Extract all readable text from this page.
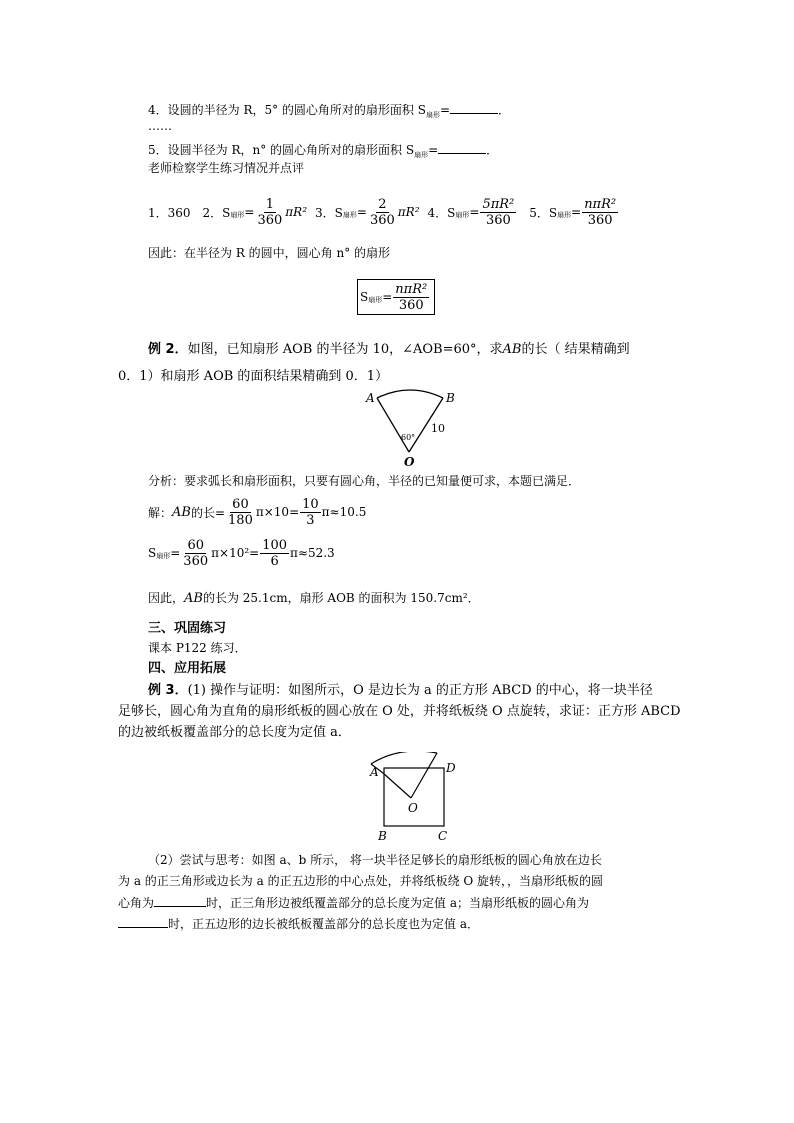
4．设圆的半径为 R，5° 的圆心角所对的扇形面积 $S_{扇形}=$	．
……
5．设圆半径为 R，n° 的圆心角所对的扇形面积 $S_{扇形}=$	．
老师检察学生练习情况并点评
1．360 2．S 扇形 = $\frac{1}{360} \pi R^2$ 3．S 扇形 = $\frac{2}{360} \pi R^2$ 4．S 扇形 = $\frac{\text{5πR²}}{360} 5$．S 扇形 = $\frac{\text{nπR²}}{360}$
因此：在半径为 R 的圆中，圆心角 n° 的扇形
S 扇形 = $\frac{\text{nπR²}}{360}$
例 2．如图，已知扇形 AOB 的半径为 10，∠AOB=60°，求AB的长（ 结果精确到
0．1）和扇形 AOB 的面积结果精确到 0．1）
A	B
O
60°
10
分析：要求弧长和扇形面积，只要有圆心角，半径的已知量便可求，本题已满足．
解： AB 的长= $\frac{60}{180} \pi\times 10= \frac{10}{3} \pi\approx 10.5$
S 扇形 = $\frac{60}{360} \pi\times 10^2= \frac{100}{6} \pi\approx 52.3$
因此，AB的长为 25.1cm，扇形 AOB 的面积为 150.7cm²．
三、巩固练习
课本 P122 练习．
四、应用拓展
例 3．(1) 操作与证明：如图所示，O 是边长为 a 的正方形 ABCD 的中心，将一块半径
足够长，圆心角为直角的扇形纸板的圆心放在 O 处，并将纸板绕 O 点旋转，求证：正方形 ABCD
的边被纸板覆盖部分的总长度为定值 a．
A	D
B	C
O
（2）尝试与思考：如图 a、b 所示， 将一块半径足够长的扇形纸板的圆心角放在边长
为 a 的正三角形或边长为 a 的正五边形的中心点处，并将纸板绕 O 旋转，，当扇形纸板的圆
心角为	时，正三角形边被纸覆盖部分的总长度为定值 a；当扇形纸板的圆心角为
时，正五边形的边长被纸板覆盖部分的总长度也为定值 a．
